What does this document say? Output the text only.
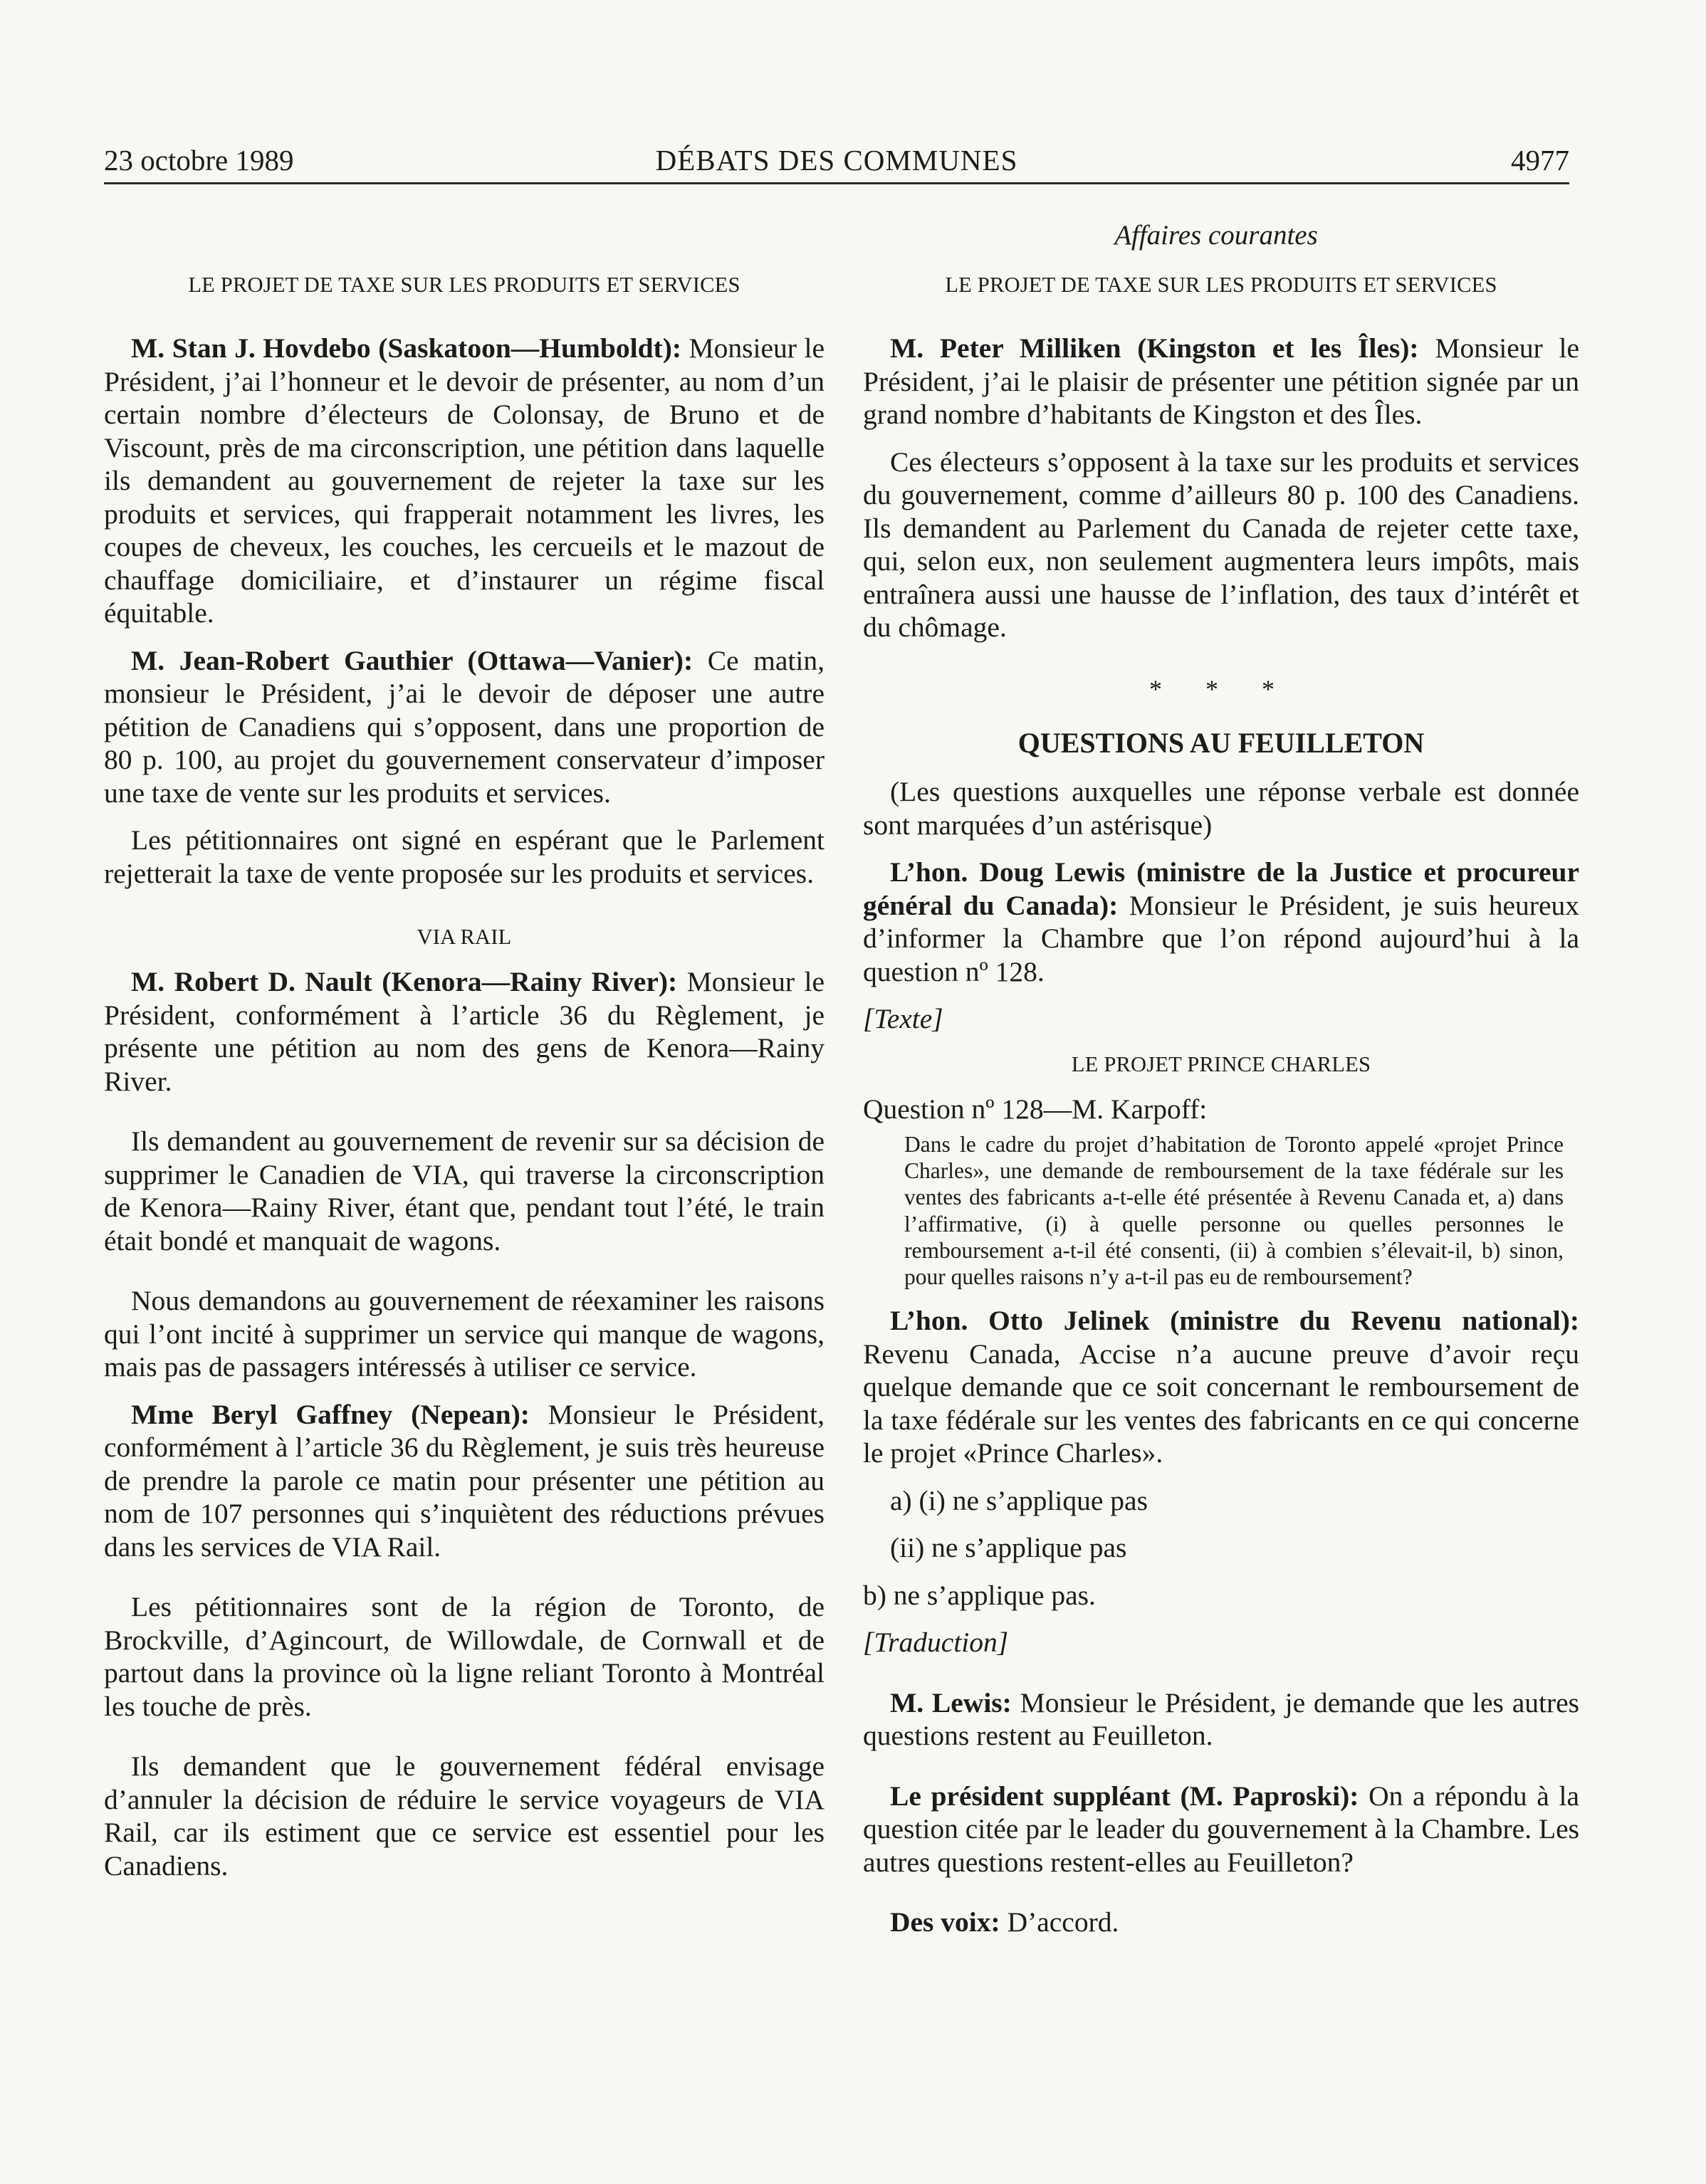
23 octobre 1989	DÉBATS DES COMMUNES	4977
Affaires courantes

LE PROJET DE TAXE SUR LES PRODUITS ET SERVICES

M. Stan J. Hovdebo (Saskatoon—Humboldt): Monsieur le Président, j’ai l’honneur et le devoir de présenter, au nom d’un certain nombre d’électeurs de Colonsay, de Bruno et de Viscount, près de ma circonscription, une pétition dans laquelle ils demandent au gouvernement de rejeter la taxe sur les produits et services, qui frapperait notamment les livres, les coupes de cheveux, les couches, les cercueils et le mazout de chauffage domiciliaire, et d’instaurer un régime fiscal équitable.

M. Jean-Robert Gauthier (Ottawa—Vanier): Ce matin, monsieur le Président, j’ai le devoir de déposer une autre pétition de Canadiens qui s’opposent, dans une proportion de 80 p. 100, au projet du gouvernement conservateur d’imposer une taxe de vente sur les produits et services.

Les pétitionnaires ont signé en espérant que le Parlement rejetterait la taxe de vente proposée sur les produits et services.

VIA RAIL

M. Robert D. Nault (Kenora—Rainy River): Monsieur le Président, conformément à l’article 36 du Règlement, je présente une pétition au nom des gens de Kenora—Rainy River.

Ils demandent au gouvernement de revenir sur sa décision de supprimer le Canadien de VIA, qui traverse la circonscription de Kenora—Rainy River, étant que, pendant tout l’été, le train était bondé et manquait de wagons.

Nous demandons au gouvernement de réexaminer les raisons qui l’ont incité à supprimer un service qui manque de wagons, mais pas de passagers intéressés à utiliser ce service.

Mme Beryl Gaffney (Nepean): Monsieur le Président, conformément à l’article 36 du Règlement, je suis très heureuse de prendre la parole ce matin pour présenter une pétition au nom de 107 personnes qui s’inquiètent des réductions prévues dans les services de VIA Rail.

Les pétitionnaires sont de la région de Toronto, de Brockville, d’Agincourt, de Willowdale, de Cornwall et de partout dans la province où la ligne reliant Toronto à Montréal les touche de près.

Ils demandent que le gouvernement fédéral envisage d’annuler la décision de réduire le service voyageurs de VIA Rail, car ils estiment que ce service est essentiel pour les Canadiens.

LE PROJET DE TAXE SUR LES PRODUITS ET SERVICES

M. Peter Milliken (Kingston et les Îles): Monsieur le Président, j’ai le plaisir de présenter une pétition signée par un grand nombre d’habitants de Kingston et des Îles.

Ces électeurs s’opposent à la taxe sur les produits et services du gouvernement, comme d’ailleurs 80 p. 100 des Canadiens. Ils demandent au Parlement du Canada de rejeter cette taxe, qui, selon eux, non seulement augmentera leurs impôts, mais entraînera aussi une hausse de l’inflation, des taux d’intérêt et du chômage.

* * *

QUESTIONS AU FEUILLETON

(Les questions auxquelles une réponse verbale est donnée sont marquées d’un astérisque)

L’hon. Doug Lewis (ministre de la Justice et procureur général du Canada): Monsieur le Président, je suis heureux d’informer la Chambre que l’on répond aujourd’hui à la question nº 128.

[Texte]

LE PROJET PRINCE CHARLES

Question nº 128—M. Karpoff:

Dans le cadre du projet d’habitation de Toronto appelé «projet Prince Charles», une demande de remboursement de la taxe fédérale sur les ventes des fabricants a-t-elle été présentée à Revenu Canada et, a) dans l’affirmative, (i) à quelle personne ou quelles personnes le remboursement a-t-il été consenti, (ii) à combien s’élevait-il, b) sinon, pour quelles raisons n’y a-t-il pas eu de remboursement?

L’hon. Otto Jelinek (ministre du Revenu national): Revenu Canada, Accise n’a aucune preuve d’avoir reçu quelque demande que ce soit concernant le remboursement de la taxe fédérale sur les ventes des fabricants en ce qui concerne le projet «Prince Charles».

a) (i) ne s’applique pas

(ii) ne s’applique pas

b) ne s’applique pas.

[Traduction]

M. Lewis: Monsieur le Président, je demande que les autres questions restent au Feuilleton.

Le président suppléant (M. Paproski): On a répondu à la question citée par le leader du gouvernement à la Chambre. Les autres questions restent-elles au Feuilleton?

Des voix: D’accord.
